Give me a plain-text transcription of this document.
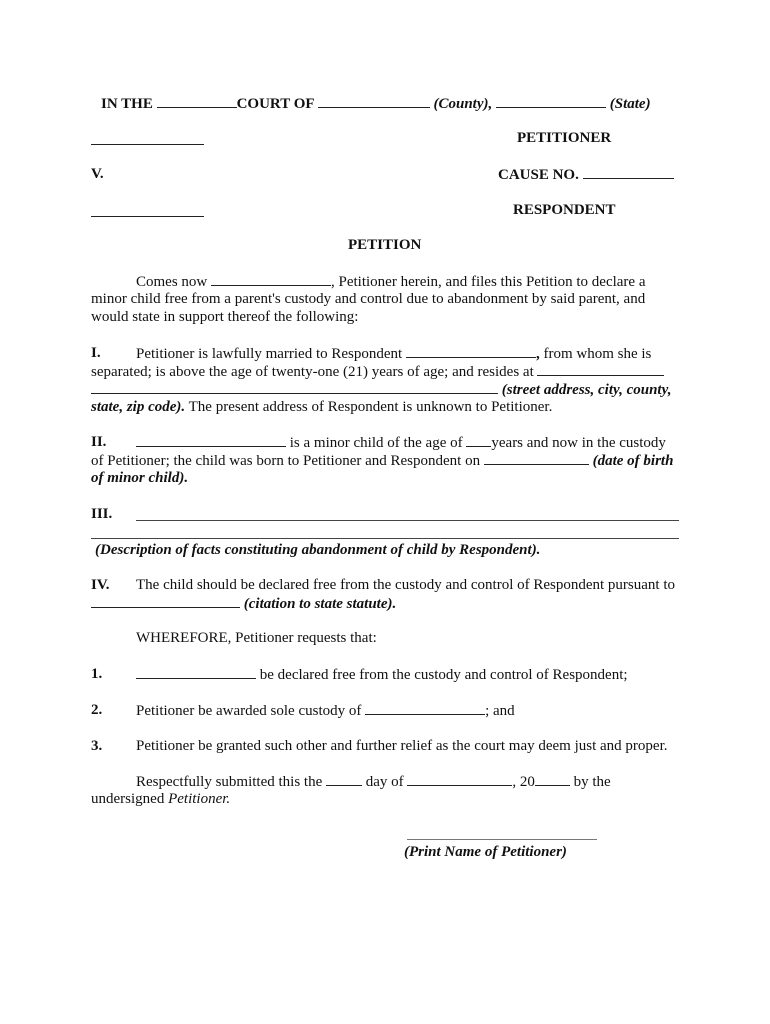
IN THE	COURT OF	(County),	(State)
PETITIONER
V.	CAUSE NO.
RESPONDENT
PETITION
Comes now	, Petitioner herein, and files this Petition to declare a
minor child free from a parent's custody and control due to abandonment by said parent, and
would state in support thereof the following:
I. Petitioner is lawfully married to Respondent	, from whom she is
separated; is above the age of twenty-one (21) years of age; and resides at
(street address, city, county,
state, zip code). The present address of Respondent is unknown to Petitioner.
II.	is a minor child of the age of years and now in the custody
of Petitioner; the child was born to Petitioner and Respondent on	(date of birth
of minor child).
III.
(Description of facts constituting abandonment of child by Respondent).
IV. The child should be declared free from the custody and control of Respondent pursuant to
(citation to state statute).
WHEREFORE, Petitioner requests that:
1.	be declared free from the custody and control of Respondent;
2. Petitioner be awarded sole custody of	; and
3. Petitioner be granted such other and further relief as the court may deem just and proper.
Respectfully submitted this the	day of	, 20	by the
undersigned Petitioner.
(Print Name of Petitioner)
